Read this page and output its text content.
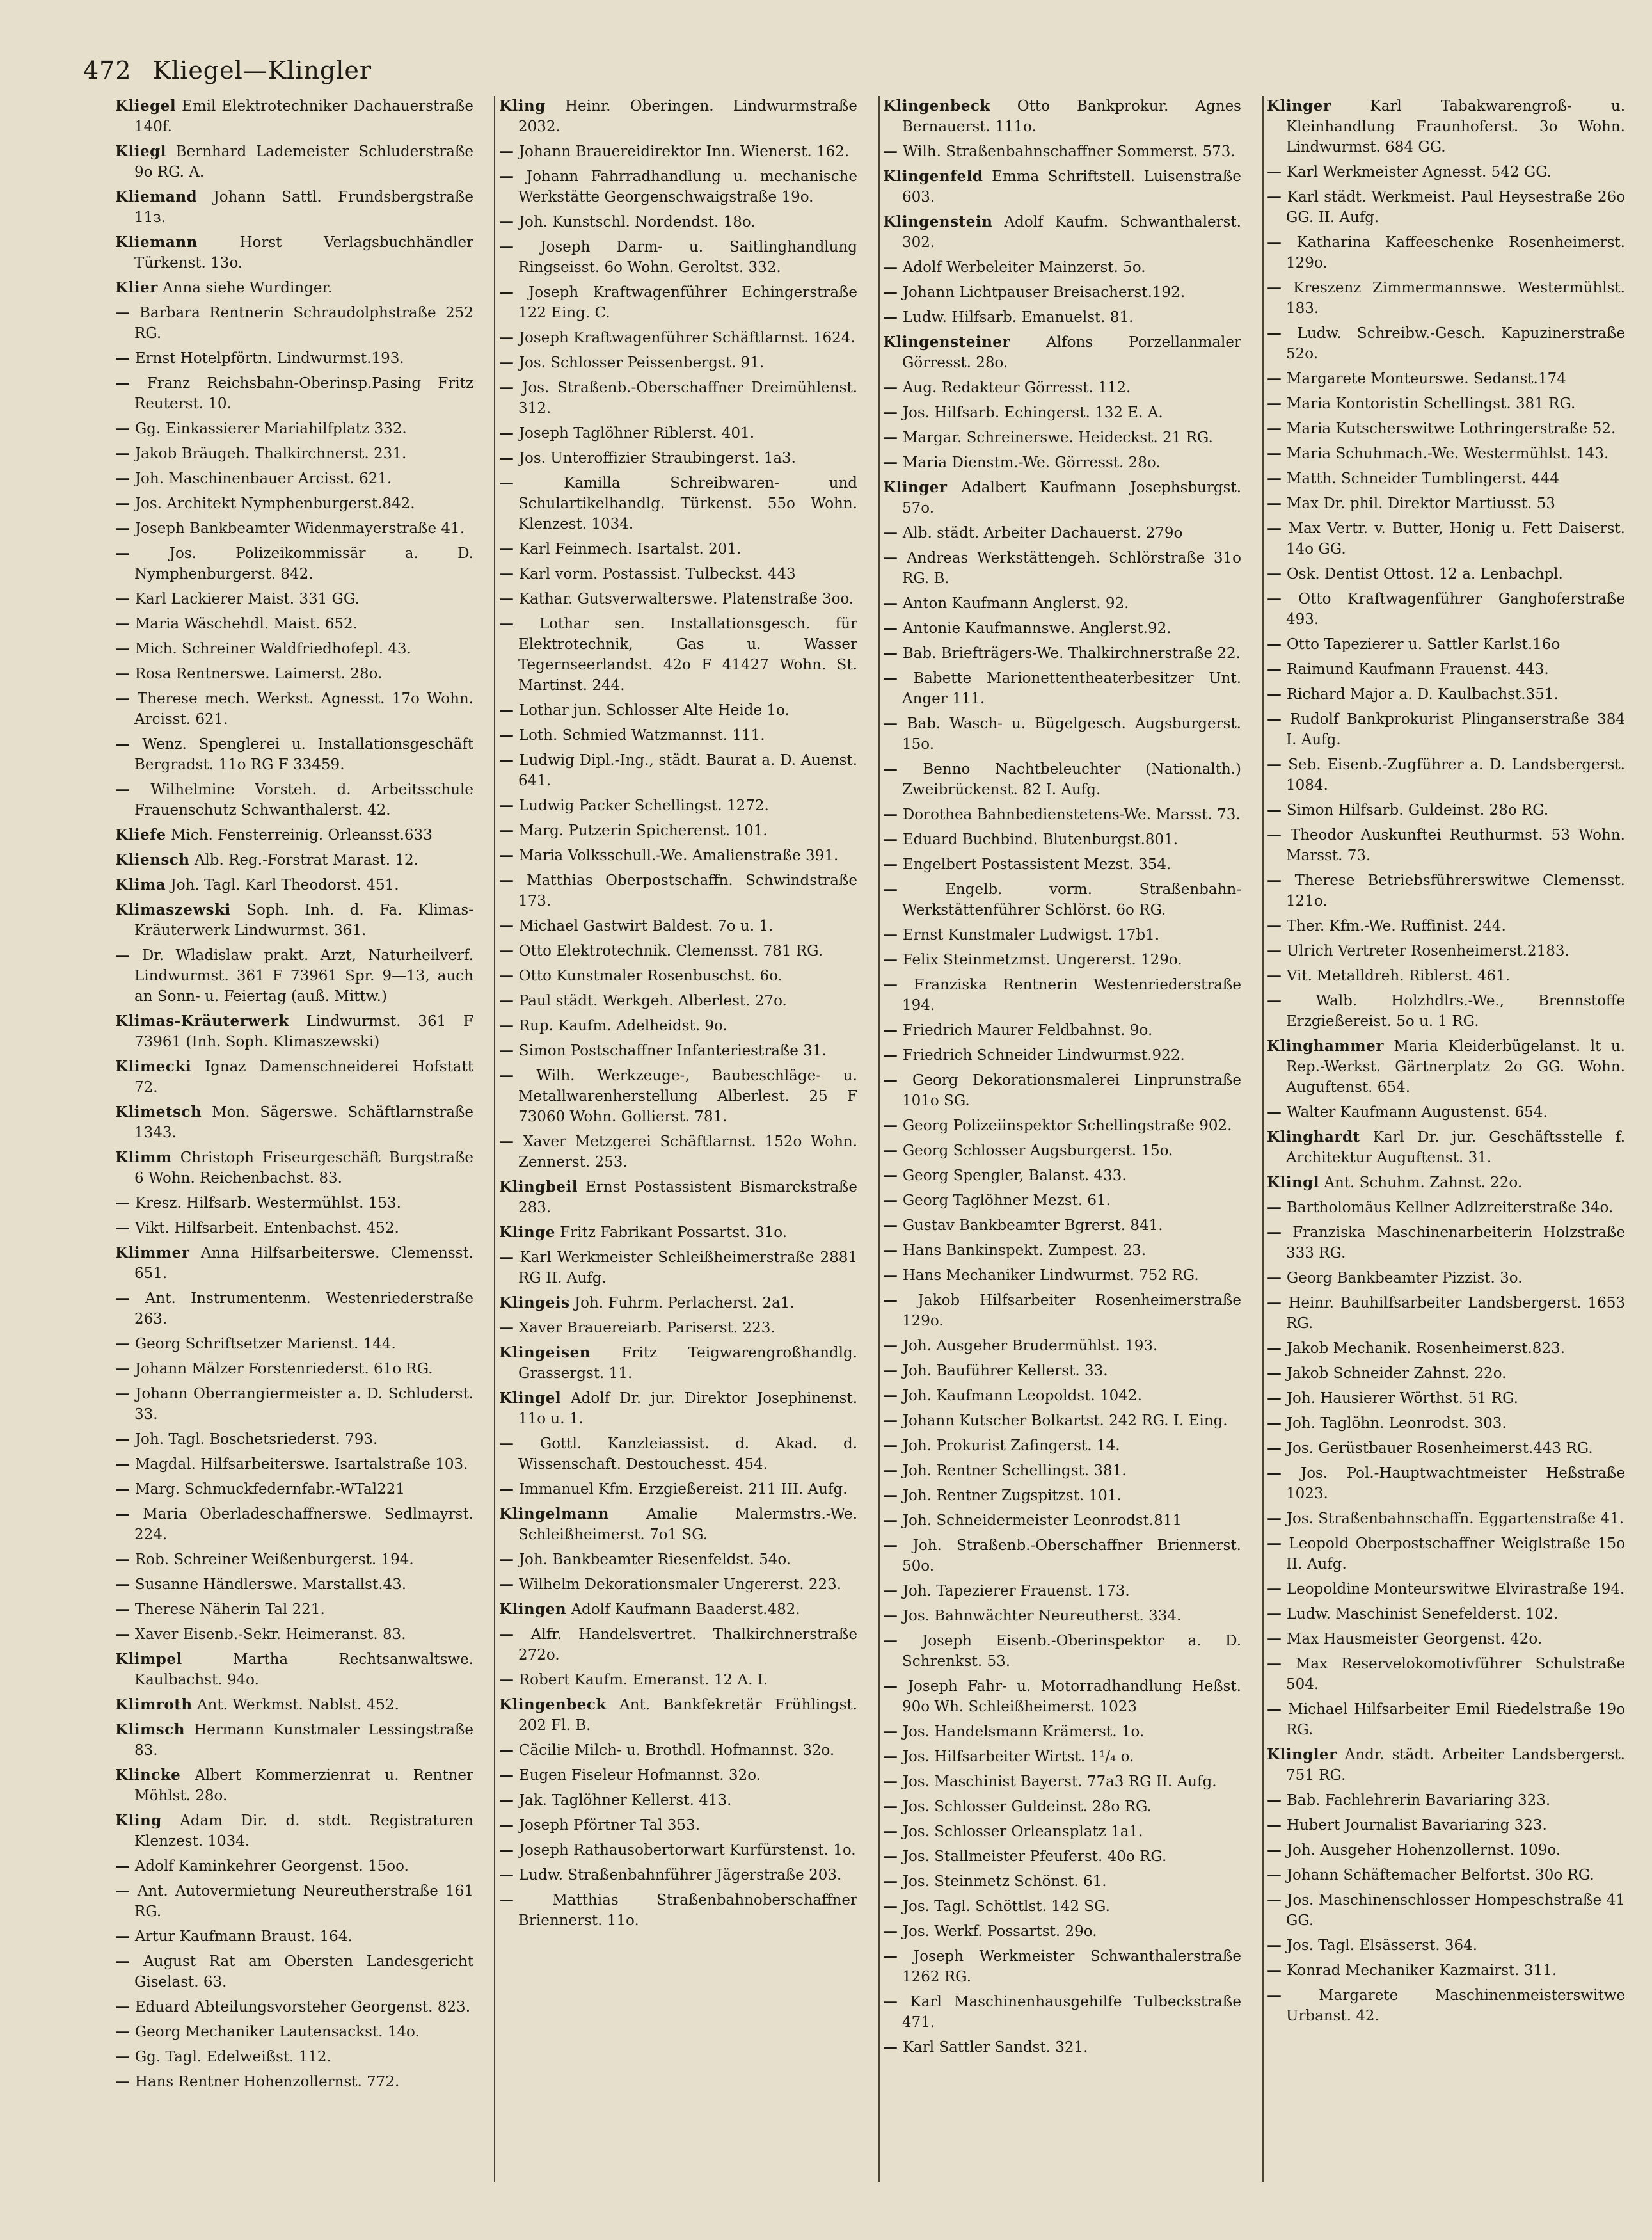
472 Kliegel—Klingler
Kliegel Emil Elektrotechniker Dachauerstraße 140f.
Kliegl Bernhard Lademeister Schluderstraße 9o RG. A.
Kliemand Johann Sattl. Frundsbergstraße 11з.
Kliemann	Horst Verlagsbuchhändler Türkenst. 13o.
Klier Anna siehe Wurdinger.
— Barbara Rentnerin Schraudolphstraße 252 RG.
— Ernst Hotelpförtn. Lindwurmst.193.
— Franz Reichsbahn-Oberinsp.Pasing Fritz Reuterst. 10.
— Gg. Einkassierer Mariahilfplatz 332.
— Jakob Bräugeh. Thalkirchnerst. 231.
— Joh. Maschinenbauer Arcisst. 621.
— Jos. Architekt Nymphenburgerst.842.
— Joseph Bankbeamter Widenmayerstraße 41.
—	Jos. Polizeikommissär a. D. Nymphenburgerst. 842.
— Karl Lackierer Maist. 331 GG.
— Maria Wäschehdl. Maist. 652.
— Mich. Schreiner Waldfriedhofepl. 43.
— Rosa Rentnerswe. Laimerst. 28o.
— Therese mech. Werkst. Agnesst. 17o Wohn. Arcisst. 621.
— Wenz. Spenglerei u. Installationsgeschäft Bergradst. 11o RG F 33459.
— Wilhelmine Vorsteh. d. Arbeitsschule Frauenschutz Schwanthalerst. 42.
Kliefe Mich. Fensterreinig. Orleansst.633
Kliensch Alb. Reg.-Forstrat Marast. 12.
Klima Joh. Tagl. Karl Theodorst. 451.
Klimaszewski Soph. Inh. d. Fa. Klimas-Kräuterwerk Lindwurmst. 361.
— Dr. Wladislaw prakt. Arzt, Naturheilverf. Lindwurmst. 361 F 73961 Spr. 9—13, auch an Sonn- u. Feiertag (auß. Mittw.)
Klimas-Kräuterwerk Lindwurmst. 361 F 73961 (Inh. Soph. Klimaszewski)
Klimecki Ignaz Damenschneiderei Hofstatt 72.
Klimetsch Mon. Sägerswe. Schäftlarnstraße 1343.
Klimm Christoph Friseurgeschäft Burgstraße 6 Wohn. Reichenbachst. 83.
— Kresz. Hilfsarb. Westermühlst. 153.
— Vikt. Hilfsarbeit. Entenbachst. 452.
Klimmer Anna Hilfsarbeiterswe. Clemensst. 651.
— Ant. Instrumentenm. Westenriederstraße 263.
— Georg Schriftsetzer Marienst. 144.
— Johann Mälzer Forstenriederst. 61o RG.
— Johann Oberrangiermeister a. D. Schluderst. 33.
— Joh. Tagl. Boschetsriederst. 793.
— Magdal. Hilfsarbeiterswe. Isartalstraße 103.
— Marg. Schmuckfedernfabr.-WTal221
— Maria Oberladeschaffnerswe. Sedlmayrst. 224.
— Rob. Schreiner Weißenburgerst. 194.
— Susanne Händlerswe. Marstallst.43.
— Therese Näherin Tal 221.
— Xaver Eisenb.-Sekr. Heimeranst. 83.
Klimpel	Martha Rechtsanwaltswe. Kaulbachst. 94o.
Klimroth Ant. Werkmst. Nablst. 452.
Klimsch Hermann Kunstmaler Lessingstraße 83.
Klincke Albert Kommerzienrat u. Rentner Möhlst. 28o.
Kling Adam Dir. d. stdt. Registraturen Klenzest. 1034.
— Adolf Kaminkehrer Georgenst. 15oo.
— Ant. Autovermietung Neureutherstraße 161 RG.
— Artur Kaufmann Braust. 164.
— August Rat am Obersten Landesgericht Giselast. 63.
— Eduard Abteilungsvorsteher Georgenst. 823.
— Georg Mechaniker Lautensackst. 14o.
— Gg. Tagl. Edelweißst. 112.
— Hans Rentner Hohenzollernst. 772.
Kling Heinr. Oberingen. Lindwurmstraße 2032.
— Johann Brauereidirektor Inn. Wienerst. 162.
— Johann Fahrradhandlung u. mechanische Werkstätte Georgenschwaigstraße 19o.
— Joh. Kunstschl. Nordendst. 18o.
— Joseph Darm- u. Saitlinghandlung Ringseisst. 6o Wohn. Geroltst. 332.
— Joseph Kraftwagenführer Echingerstraße 122 Eing. C.
— Joseph Kraftwagenführer Schäftlarnst. 1624.
— Jos. Schlosser Peissenbergst. 91.
— Jos. Straßenb.-Oberschaffner Dreimühlenst. 312.
— Joseph Taglöhner Riblerst. 401.
— Jos. Unteroffizier Straubingerst. 1a3.
—	Kamilla Schreibwaren- und Schulartikelhandlg. Türkenst. 55o Wohn. Klenzest. 1034.
— Karl Feinmech. Isartalst. 201.
— Karl vorm. Postassist. Tulbeckst. 443
— Kathar. Gutsverwalterswe. Platenstraße 3oo.
— Lothar sen. Installationsgesch. für Elektrotechnik, Gas u. Wasser Tegernseerlandst. 42o F 41427 Wohn. St. Martinst. 244.
— Lothar jun. Schlosser Alte Heide 1o.
— Loth. Schmied Watzmannst. 111.
— Ludwig Dipl.-Ing., städt. Baurat a. D. Auenst. 641.
— Ludwig Packer Schellingst. 1272.
— Marg. Putzerin Spicherenst. 101.
— Maria Volksschull.-We. Amalienstraße 391.
— Matthias Oberpostschaffn. Schwindstraße 173.
— Michael Gastwirt Baldest. 7o u. 1.
— Otto Elektrotechnik. Clemensst. 781 RG.
— Otto Kunstmaler Rosenbuschst. 6o.
— Paul städt. Werkgeh. Alberlest. 27o.
— Rup. Kaufm. Adelheidst. 9o.
— Simon Postschaffner Infanteriestraße 31.
— Wilh. Werkzeuge-, Baubeschläge- u. Metallwarenherstellung Alberlest. 25 F 73060 Wohn. Gollierst. 781.
— Xaver Metzgerei Schäftlarnst. 152o Wohn. Zennerst. 253.
Klingbeil Ernst Postassistent Bismarckstraße 283.
Klinge Fritz Fabrikant Possartst. 31o.
— Karl Werkmeister Schleißheimerstraße 2881 RG II. Aufg.
Klingeis Joh. Fuhrm. Perlacherst. 2a1.
— Xaver Brauereiarb. Pariserst. 223.
Klingeisen Fritz Teigwarengroßhandlg. Grassergst. 11.
Klingel Adolf Dr. jur. Direktor Josephinenst. 11o u. 1.
— Gottl. Kanzleiassist. d. Akad. d. Wissenschaft. Destouchesst. 454.
— Immanuel Kfm. Erzgießereist. 211 III. Aufg.
Klingelmann	Amalie Malermstrs.-We. Schleißheimerst. 7o1 SG.
— Joh. Bankbeamter Riesenfeldst. 54o.
— Wilhelm Dekorationsmaler Ungererst. 223.
Klingen Adolf Kaufmann Baaderst.482.
— Alfr. Handelsvertret. Thalkirchnerstraße 272o.
— Robert Kaufm. Emeranst. 12 A. I.
Klingenbeck Ant. Bankfekretär Frühlingst. 202 Fl. B.
— Cäcilie Milch- u. Brothdl. Hofmannst. 32o.
— Eugen Fiseleur Hofmannst. 32o.
— Jak. Taglöhner Kellerst. 413.
— Joseph Pförtner Tal 353.
— Joseph Rathausobertorwart Kurfürstenst. 1o.
— Ludw. Straßenbahnführer Jägerstraße 203.
—	Matthias Straßenbahnoberschaffner Briennerst. 11o.
Klingenbeck Otto Bankprokur. Agnes Bernauerst. 111o.
— Wilh. Straßenbahnschaffner Sommerst. 573.
Klingenfeld Emma Schriftstell. Luisenstraße 603.
Klingenstein Adolf Kaufm. Schwanthalerst. 302.
— Adolf Werbeleiter Mainzerst. 5o.
— Johann Lichtpauser Breisacherst.192.
— Ludw. Hilfsarb. Emanuelst. 81.
Klingensteiner Alfons Porzellanmaler Görresst. 28o.
— Aug. Redakteur Görresst. 112.
— Jos. Hilfsarb. Echingerst. 132 E. A.
— Margar. Schreinerswe. Heideckst. 21 RG.
— Maria Dienstm.-We. Görresst. 28o.
Klinger Adalbert Kaufmann Josephsburgst. 57o.
— Alb. städt. Arbeiter Dachauerst. 279o
— Andreas Werkstättengeh. Schlörstraße 31o RG. B.
— Anton Kaufmann Anglerst. 92.
— Antonie Kaufmannswe. Anglerst.92.
— Bab. Briefträgers-We. Thalkirchnerstraße 22.
— Babette Marionettentheaterbesitzer Unt. Anger 111.
— Bab. Wasch- u. Bügelgesch. Augsburgerst. 15o.
— Benno Nachtbeleuchter (Nationalth.) Zweibrückenst. 82 I. Aufg.
— Dorothea Bahnbedienstetens-We. Marsst. 73.
— Eduard Buchbind. Blutenburgst.801.
— Engelbert Postassistent Mezst. 354.
—	Engelb. vorm. Straßenbahn-Werkstättenführer Schlörst. 6o RG.
— Ernst Kunstmaler Ludwigst. 17b1.
— Felix Steinmetzmst. Ungererst. 129o.
— Franziska Rentnerin Westenriederstraße 194.
— Friedrich Maurer Feldbahnst. 9o.
— Friedrich Schneider Lindwurmst.922.
— Georg Dekorationsmalerei Linprunstraße 101o SG.
— Georg Polizeiinspektor Schellingstraße 902.
— Georg Schlosser Augsburgerst. 15o.
— Georg Spengler, Balanst. 433.
— Georg Taglöhner Mezst. 61.
— Gustav Bankbeamter Bgrerst. 841.
— Hans Bankinspekt. Zumpest. 23.
— Hans Mechaniker Lindwurmst. 752 RG.
— Jakob Hilfsarbeiter Rosenheimerstraße 129o.
— Joh. Ausgeher Brudermühlst. 193.
— Joh. Bauführer Kellerst. 33.
— Joh. Kaufmann Leopoldst. 1042.
— Johann Kutscher Bolkartst. 242 RG. I. Eing.
— Joh. Prokurist Zafingerst. 14.
— Joh. Rentner Schellingst. 381.
— Joh. Rentner Zugspitzst. 101.
— Joh. Schneidermeister Leonrodst.811
— Joh. Straßenb.-Oberschaffner Briennerst. 50o.
— Joh. Tapezierer Frauenst. 173.
— Jos. Bahnwächter Neureutherst. 334.
— Joseph Eisenb.-Oberinspektor a. D. Schrenkst. 53.
— Joseph Fahr- u. Motorradhandlung Heßst. 90o Wh. Schleißheimerst. 1023
— Jos. Handelsmann Krämerst. 1o.
— Jos. Hilfsarbeiter Wirtst. 1¹/₄ o.
— Jos. Maschinist Bayerst. 77a3 RG II. Aufg.
— Jos. Schlosser Guldeinst. 28o RG.
— Jos. Schlosser Orleansplatz 1a1.
— Jos. Stallmeister Pfeuferst. 40o RG.
— Jos. Steinmetz Schönst. 61.
— Jos. Tagl. Schöttlst. 142 SG.
— Jos. Werkf. Possartst. 29o.
— Joseph Werkmeister Schwanthalerstraße 1262 RG.
— Karl Maschinenhausgehilfe Tulbeckstraße 471.
— Karl Sattler Sandst. 321.
Klinger	Karl Tabakwarengroß- u. Kleinhandlung Fraunhoferst. 3o Wohn. Lindwurmst. 684 GG.
— Karl Werkmeister Agnesst. 542 GG.
— Karl städt. Werkmeist. Paul Heysestraße 26o GG. II. Aufg.
— Katharina Kaffeeschenke Rosenheimerst. 129o.
— Kreszenz Zimmermannswe. Westermühlst. 183.
— Ludw. Schreibw.-Gesch. Kapuzinerstraße 52o.
— Margarete Monteurswe. Sedanst.174
— Maria Kontoristin Schellingst. 381 RG.
— Maria Kutscherswitwe Lothringerstraße 52.
— Maria Schuhmach.-We. Westermühlst. 143.
— Matth. Schneider Tumblingerst. 444
— Max Dr. phil. Direktor Martiusst. 53
— Max Vertr. v. Butter, Honig u. Fett Daiserst. 14o GG.
— Osk. Dentist Ottost. 12 a. Lenbachpl.
— Otto Kraftwagenführer Ganghoferstraße 493.
— Otto Tapezierer u. Sattler Karlst.16o
— Raimund Kaufmann Frauenst. 443.
— Richard Major a. D. Kaulbachst.351.
— Rudolf Bankprokurist Plinganserstraße 384 I. Aufg.
— Seb. Eisenb.-Zugführer a. D. Landsbergerst. 1084.
— Simon Hilfsarb. Guldeinst. 28o RG.
— Theodor Auskunftei Reuthurmst. 53 Wohn. Marsst. 73.
— Therese Betriebsführerswitwe Clemensst. 121o.
— Ther. Kfm.-We. Ruffinist. 244.
— Ulrich Vertreter Rosenheimerst.2183.
— Vit. Metalldreh. Riblerst. 461.
— Walb. Holzhdlrs.-We., Brennstoffe Erzgießereist. 5o u. 1 RG.
Klinghammer Maria Kleiderbügelanst. lt u. Rep.-Werkst. Gärtnerplatz 2o GG. Wohn. Auguftenst. 654.
— Walter Kaufmann Augustenst. 654.
Klinghardt Karl Dr. jur. Geschäftsstelle f. Architektur Auguftenst. 31.
Klingl Ant. Schuhm. Zahnst. 22o.
— Bartholomäus Kellner Adlzreiterstraße 34o.
— Franziska Maschinenarbeiterin Holzstraße 333 RG.
— Georg Bankbeamter Pizzist. 3o.
— Heinr. Bauhilfsarbeiter Landsbergerst. 1653 RG.
— Jakob Mechanik. Rosenheimerst.823.
— Jakob Schneider Zahnst. 22o.
— Joh. Hausierer Wörthst. 51 RG.
— Joh. Taglöhn. Leonrodst. 303.
— Jos. Gerüstbauer Rosenheimerst.443 RG.
— Jos. Pol.-Hauptwachtmeister Heßstraße 1023.
— Jos. Straßenbahnschaffn. Eggartenstraße 41.
— Leopold Oberpostschaffner Weiglstraße 15o II. Aufg.
— Leopoldine Monteurswitwe Elvirastraße 194.
— Ludw. Maschinist Senefelderst. 102.
— Max Hausmeister Georgenst. 42o.
— Max Reservelokomotivführer Schulstraße 504.
— Michael Hilfsarbeiter Emil Riedelstraße 19o RG.
Klingler Andr. städt. Arbeiter Landsbergerst. 751 RG.
— Bab. Fachlehrerin Bavariaring 323.
— Hubert Journalist Bavariaring 323.
— Joh. Ausgeher Hohenzollernst. 109o.
— Johann Schäftemacher Belfortst. 30o RG.
— Jos. Maschinenschlosser Hompeschstraße 41 GG.
— Jos. Tagl. Elsässerst. 364.
— Konrad Mechaniker Kazmairst. 311.
—	Margarete Maschinenmeisterswitwe Urbanst. 42.
